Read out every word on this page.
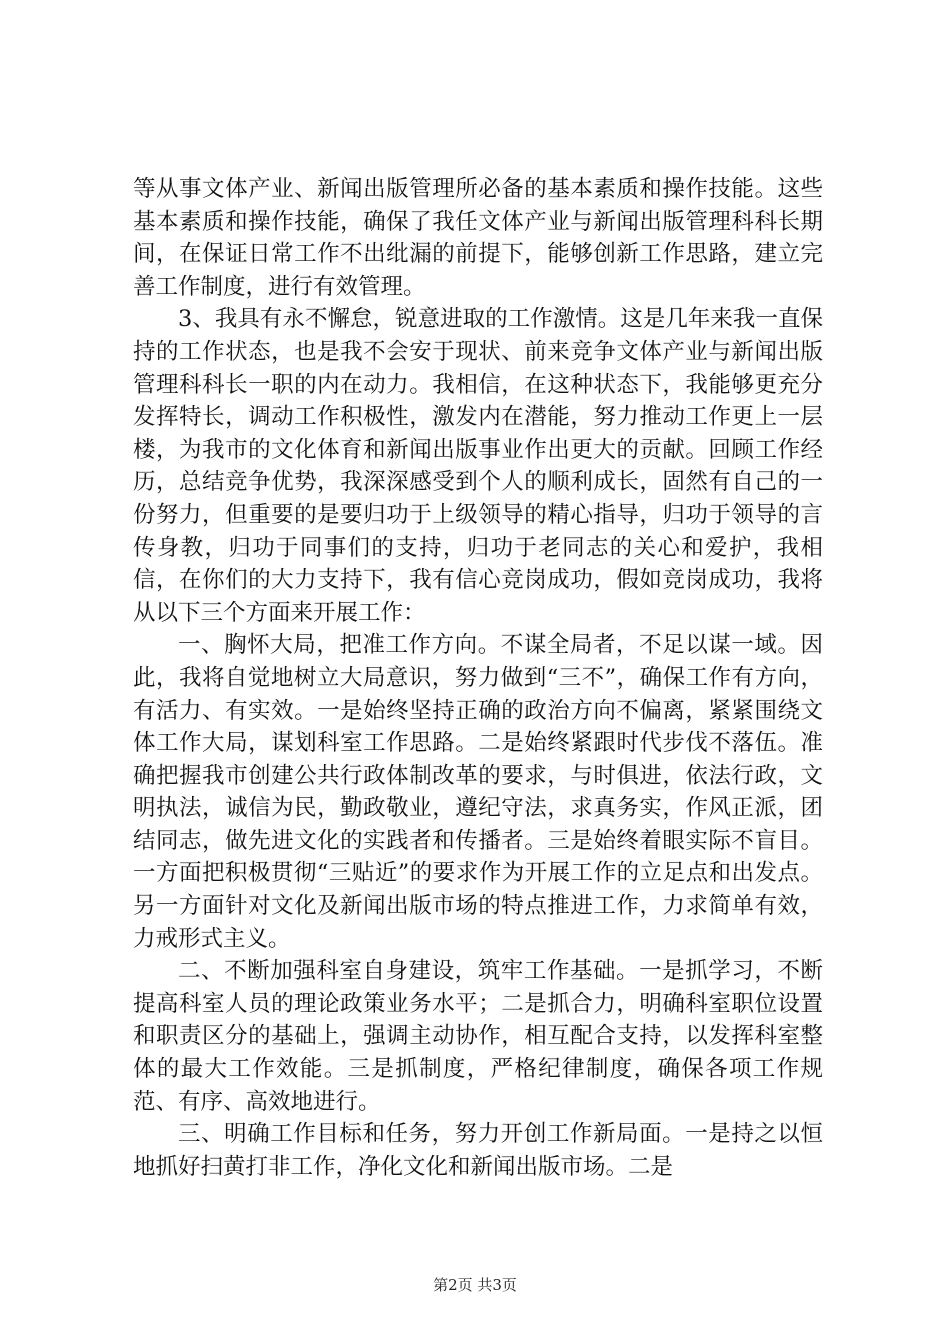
等从事文体产业、新闻出版管理所必备的基本素质和操作技能。这些基本素质和操作技能，确保了我任文体产业与新闻出版管理科科长期间，在保证日常工作不出纰漏的前提下，能够创新工作思路，建立完善工作制度，进行有效管理。

3、我具有永不懈怠，锐意进取的工作激情。这是几年来我一直保持的工作状态，也是我不会安于现状、前来竞争文体产业与新闻出版管理科科长一职的内在动力。我相信，在这种状态下，我能够更充分发挥特长，调动工作积极性，激发内在潜能，努力推动工作更上一层楼，为我市的文化体育和新闻出版事业作出更大的贡献。回顾工作经历，总结竞争优势，我深深感受到个人的顺利成长，固然有自己的一份努力，但重要的是要归功于上级领导的精心指导，归功于领导的言传身教，归功于同事们的支持，归功于老同志的关心和爱护，我相信，在你们的大力支持下，我有信心竞岗成功，假如竞岗成功，我将从以下三个方面来开展工作：

一、胸怀大局，把准工作方向。不谋全局者，不足以谋一域。因此，我将自觉地树立大局意识，努力做到“三不”，确保工作有方向，有活力、有实效。一是始终坚持正确的政治方向不偏离，紧紧围绕文体工作大局，谋划科室工作思路。二是始终紧跟时代步伐不落伍。准确把握我市创建公共行政体制改革的要求，与时俱进，依法行政，文明执法，诚信为民，勤政敬业，遵纪守法，求真务实，作风正派，团结同志，做先进文化的实践者和传播者。三是始终着眼实际不盲目。一方面把积极贯彻“三贴近”的要求作为开展工作的立足点和出发点。另一方面针对文化及新闻出版市场的特点推进工作，力求简单有效，力戒形式主义。

二、不断加强科室自身建设，筑牢工作基础。一是抓学习，不断提高科室人员的理论政策业务水平；二是抓合力，明确科室职位设置和职责区分的基础上，强调主动协作，相互配合支持，以发挥科室整体的最大工作效能。三是抓制度，严格纪律制度，确保各项工作规范、有序、高效地进行。

三、明确工作目标和任务，努力开创工作新局面。一是持之以恒地抓好扫黄打非工作，净化文化和新闻出版市场。二是

第2页 共3页
